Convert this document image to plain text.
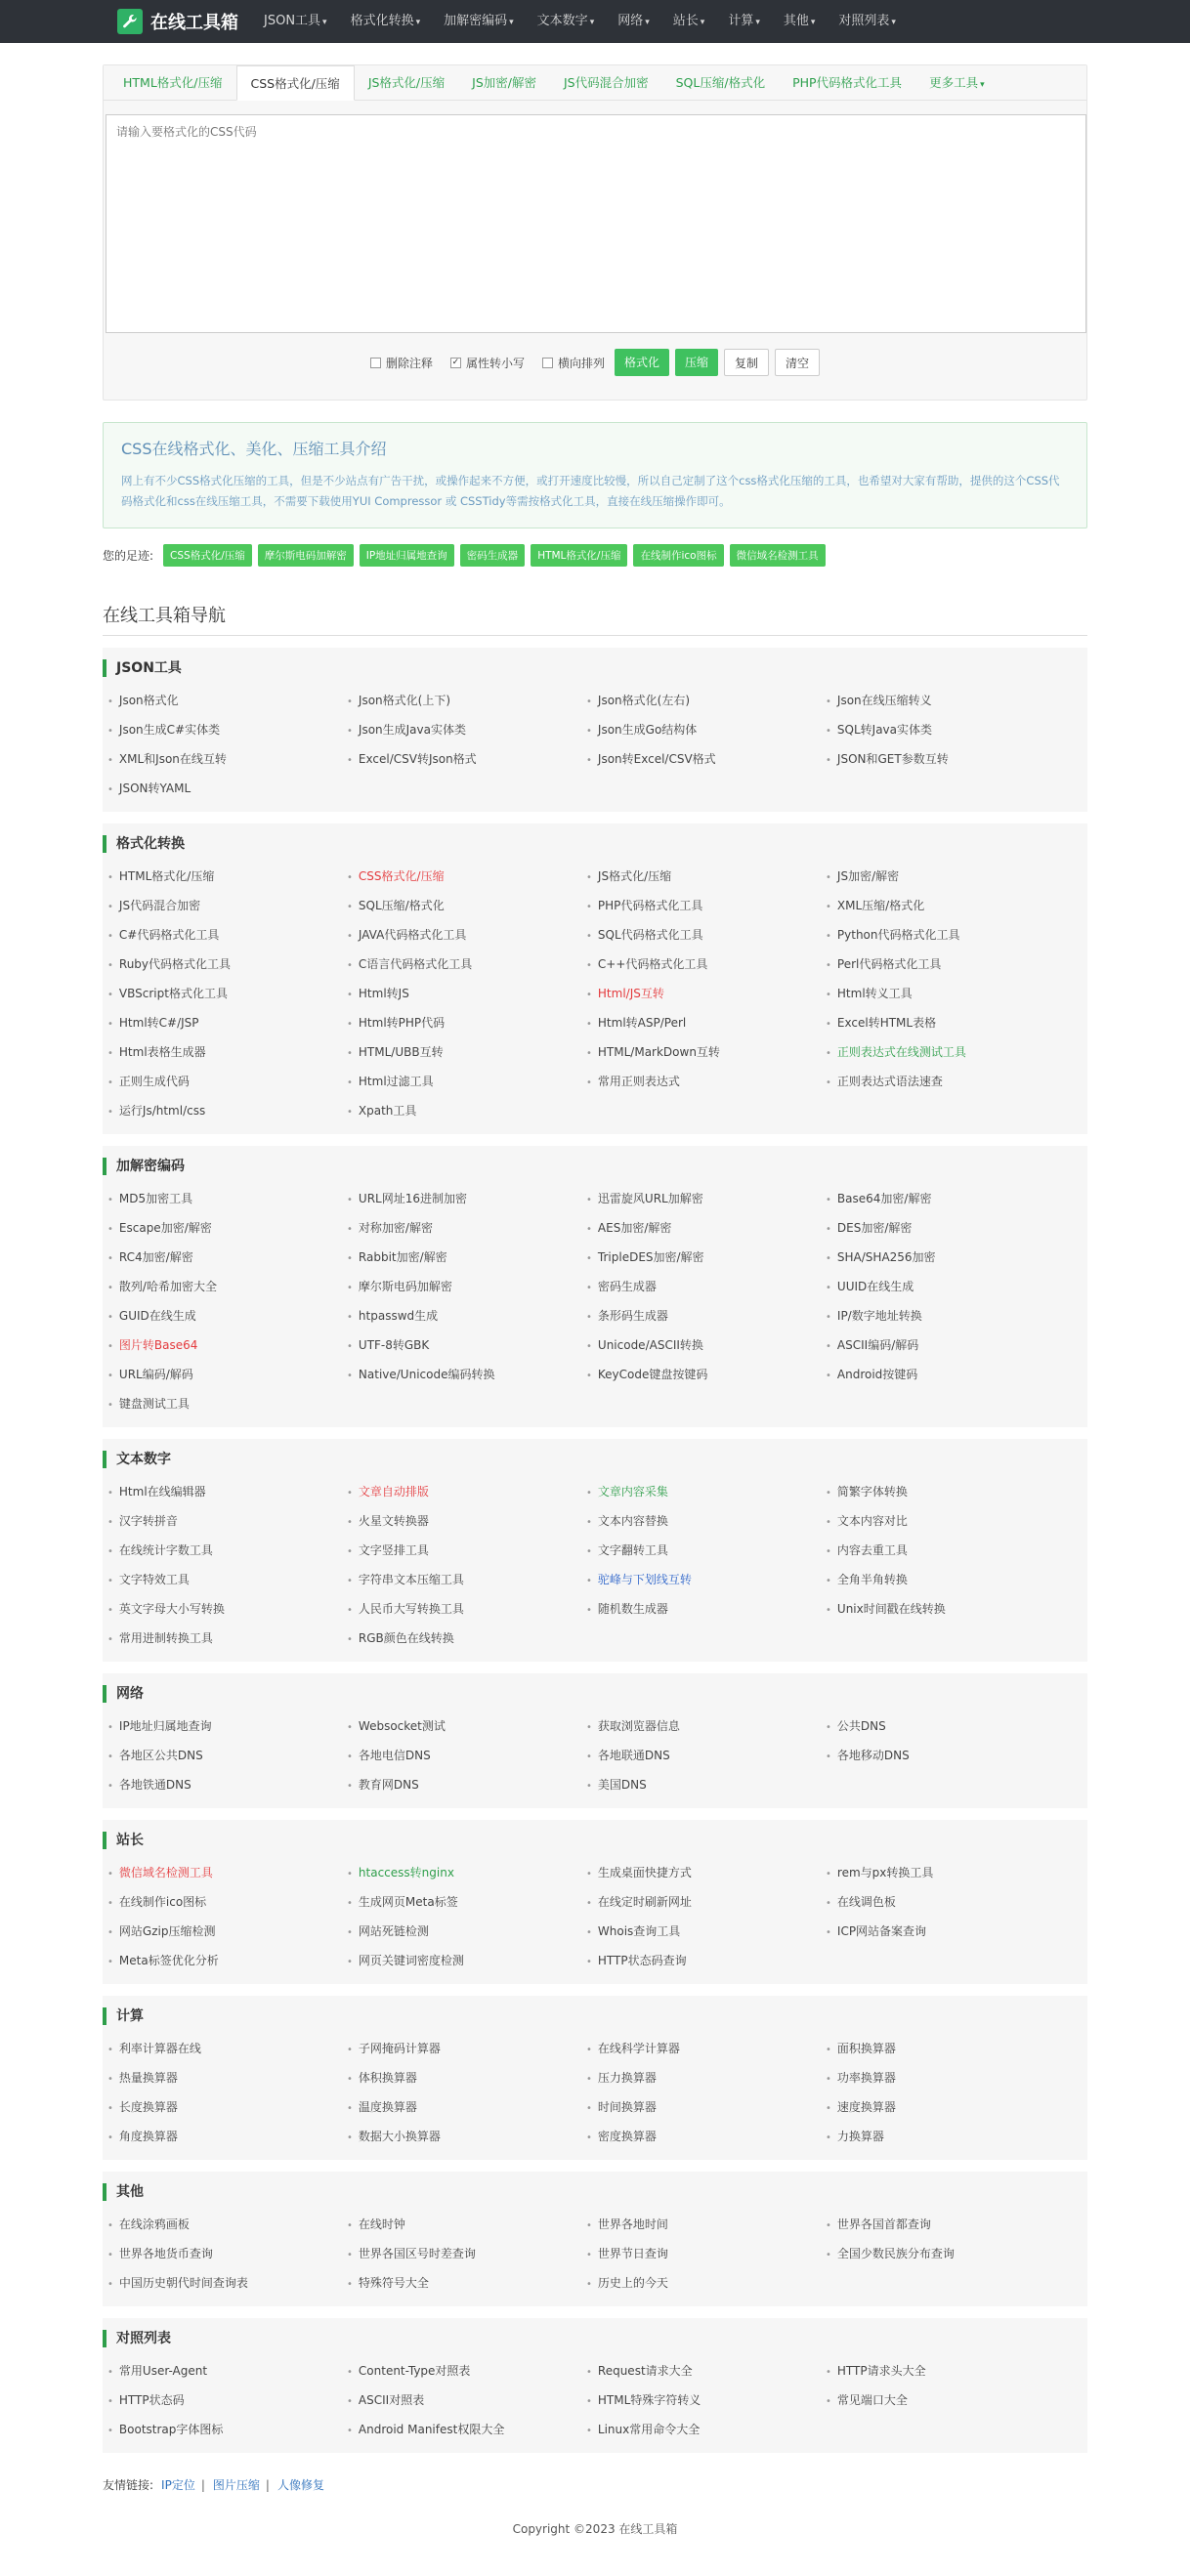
在线工具箱	JSON工具 ▾	格式化转换 ▾	加解密编码 ▾	文本数字 ▾	网络 ▾	站长 ▾	计算 ▾	其他 ▾	对照列表 ▾
HTML格式化/压缩	CSS格式化/压缩	JS格式化/压缩	JS加密/解密	JS代码混合加密	SQL压缩/格式化	PHP代码格式化工具	更多工具 ▾
请输入要格式化的CSS代码
删除注释 ✓ 属性转小写	横向排列	格式化	压缩	复制	清空
CSS在线格式化、美化、压缩工具介绍
网上有不少CSS格式化压缩的工具，但是不少站点有广告干扰，或操作起来不方便，或打开速度比较慢，所以自己定制了这个css格式化压缩的工具，也希望对大家有帮助，提供的这个CSS代码格式化和css在线压缩工具，不需要下载使用YUI Compressor 或 CSSTidy等需按格式化工具，直接在线压缩操作即可。
您的足迹:	CSS格式化/压缩	摩尔斯电码加解密	IP地址归属地查询	密码生成器	HTML格式化/压缩	在线制作ico图标	微信域名检测工具
在线工具箱导航
JSON工具
• Json格式化	• Json格式化(上下)	• Json格式化(左右)	• Json在线压缩转义
• Json生成C#实体类	• Json生成Java实体类	• Json生成Go结构体	• SQL转Java实体类
• XML和Json在线互转	• Excel/CSV转Json格式	• Json转Excel/CSV格式	• JSON和GET参数互转
• JSON转YAML
格式化转换
• HTML格式化/压缩	• CSS格式化/压缩	• JS格式化/压缩	• JS加密/解密
• JS代码混合加密	• SQL压缩/格式化	• PHP代码格式化工具	• XML压缩/格式化
• C#代码格式化工具	• JAVA代码格式化工具	• SQL代码格式化工具	• Python代码格式化工具
• Ruby代码格式化工具	• C语言代码格式化工具	• C++代码格式化工具	• Perl代码格式化工具
• VBScript格式化工具	• Html转JS	• Html/JS互转	• Html转义工具
• Html转C#/JSP	• Html转PHP代码	• Html转ASP/Perl	• Excel转HTML表格
• Html表格生成器	• HTML/UBB互转	• HTML/MarkDown互转	• 正则表达式在线测试工具
• 正则生成代码	• Html过滤工具	• 常用正则表达式	• 正则表达式语法速查
• 运行Js/html/css	• Xpath工具
加解密编码
• MD5加密工具	• URL网址16进制加密	• 迅雷旋风URL加解密	• Base64加密/解密
• Escape加密/解密	• 对称加密/解密	• AES加密/解密	• DES加密/解密
• RC4加密/解密	• Rabbit加密/解密	• TripleDES加密/解密	• SHA/SHA256加密
• 散列/哈希加密大全	• 摩尔斯电码加解密	• 密码生成器	• UUID在线生成
• GUID在线生成	• htpasswd生成	• 条形码生成器	• IP/数字地址转换
• 图片转Base64	• UTF-8转GBK	• Unicode/ASCII转换	• ASCII编码/解码
• URL编码/解码	• Native/Unicode编码转换	• KeyCode键盘按键码	• Android按键码
• 键盘测试工具
文本数字
• Html在线编辑器	• 文章自动排版	• 文章内容采集	• 简繁字体转换
• 汉字转拼音	• 火星文转换器	• 文本内容替换	• 文本内容对比
• 在线统计字数工具	• 文字竖排工具	• 文字翻转工具	• 内容去重工具
• 文字特效工具	• 字符串文本压缩工具	• 驼峰与下划线互转	• 全角半角转换
• 英文字母大小写转换	• 人民币大写转换工具	• 随机数生成器	• Unix时间戳在线转换
• 常用进制转换工具	• RGB颜色在线转换
网络
• IP地址归属地查询	• Websocket测试	• 获取浏览器信息	• 公共DNS
• 各地区公共DNS	• 各地电信DNS	• 各地联通DNS	• 各地移动DNS
• 各地铁通DNS	• 教育网DNS	• 美国DNS
站长
• 微信域名检测工具	• htaccess转nginx	• 生成桌面快捷方式	• rem与px转换工具
• 在线制作ico图标	• 生成网页Meta标签	• 在线定时刷新网址	• 在线调色板
• 网站Gzip压缩检测	• 网站死链检测	• Whois查询工具	• ICP网站备案查询
• Meta标签优化分析	• 网页关键词密度检测	• HTTP状态码查询
计算
• 利率计算器在线	• 子网掩码计算器	• 在线科学计算器	• 面积换算器
• 热量换算器	• 体积换算器	• 压力换算器	• 功率换算器
• 长度换算器	• 温度换算器	• 时间换算器	• 速度换算器
• 角度换算器	• 数据大小换算器	• 密度换算器	• 力换算器
其他
• 在线涂鸦画板	• 在线时钟	• 世界各地时间	• 世界各国首都查询
• 世界各地货币查询	• 世界各国区号时差查询	• 世界节日查询	• 全国少数民族分布查询
• 中国历史朝代时间查询表	• 特殊符号大全	• 历史上的今天
对照列表
• 常用User-Agent	• Content-Type对照表	• Request请求大全	• HTTP请求头大全
• HTTP状态码	• ASCII对照表	• HTML特殊字符转义	• 常见端口大全
• Bootstrap字体图标	• Android Manifest权限大全	• Linux常用命令大全
友情链接: IP定位 | 图片压缩 | 人像修复
Copyright ©2023 在线工具箱
